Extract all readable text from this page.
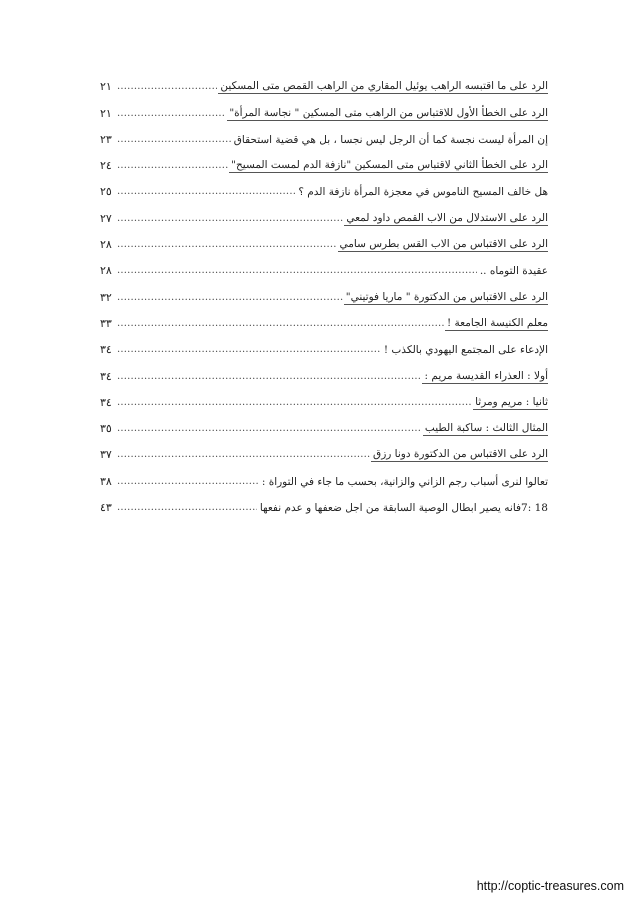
الرد على ما اقتبسه الراهب يوئيل المقاري من الراهب القمص متى المسكين
.....
٢١
الرد على الخطأ الأول للاقتباس من الراهب متى المسكين " نجاسة المرأة"
.....
٢١
إن المرأة ليست نجسة كما أن الرجل ليس نجسا ، بل هي قضية استحقاق
.....
٢٣
الرد على الخطأ الثاني لاقتباس متى المسكين "نازفة الدم لمست المسيح"
.....
٢٤
هل خالف المسيح الناموس في معجزة المرأة نازفة الدم ؟
.....
٢٥
الرد على الاستدلال من الاب القمص داود لمعي
.....
٢٧
الرد على الاقتباس من الاب القس بطرس سامي
.....
٢٨
عقيدة التوماه ..
.....
٢٨
الرد على الاقتباس من الدكتورة " ماريا فوتيني"
.....
٣٢
معلم الكنيسة الجامعة !
.....
٣٣
الإدعاء على المجتمع اليهودي بالكذب !
.....
٣٤
أولا : العذراء القديسة مريم :
.....
٣٤
ثانيا : مريم ومرثا
.....
٣٤
المثال الثالث : ساكبة الطيب
.....
٣٥
الرد على الاقتباس من الدكتورة دونا رزق
.....
٣٧
تعالوا لنرى أسباب رجم الزاني والزانية، بحسب ما جاء في التوراة :
.....
٣٨
18 :7فانه يصير ابطال الوصية السابقة من اجل ضعفها و عدم نفعها
.....
٤٣
http://coptic-treasures.com
